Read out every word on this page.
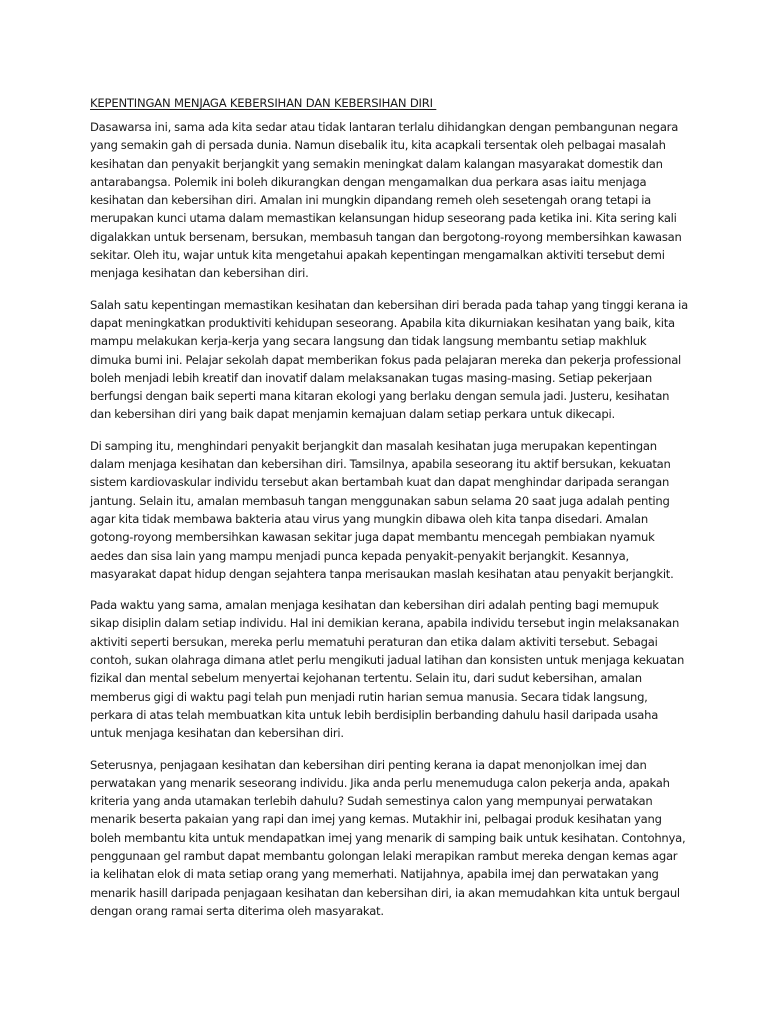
KEPENTINGAN MENJAGA KEBERSIHAN DAN KEBERSIHAN DIRI

Dasawarsa ini, sama ada kita sedar atau tidak lantaran terlalu dihidangkan dengan pembangunan negara yang semakin gah di persada dunia. Namun disebalik itu, kita acapkali tersentak oleh pelbagai masalah kesihatan dan penyakit berjangkit yang semakin meningkat dalam kalangan masyarakat domestik dan antarabangsa. Polemik ini boleh dikurangkan dengan mengamalkan dua perkara asas iaitu menjaga kesihatan dan kebersihan diri. Amalan ini mungkin dipandang remeh oleh sesetengah orang tetapi ia merupakan kunci utama dalam memastikan kelansungan hidup seseorang pada ketika ini. Kita sering kali digalakkan untuk bersenam, bersukan, membasuh tangan dan bergotong-royong membersihkan kawasan sekitar. Oleh itu, wajar untuk kita mengetahui apakah kepentingan mengamalkan aktiviti tersebut demi menjaga kesihatan dan kebersihan diri.

Salah satu kepentingan memastikan kesihatan dan kebersihan diri berada pada tahap yang tinggi kerana ia dapat meningkatkan produktiviti kehidupan seseorang. Apabila kita dikurniakan kesihatan yang baik, kita mampu melakukan kerja-kerja yang secara langsung dan tidak langsung membantu setiap makhluk dimuka bumi ini. Pelajar sekolah dapat memberikan fokus pada pelajaran mereka dan pekerja professional boleh menjadi lebih kreatif dan inovatif dalam melaksanakan tugas masing-masing. Setiap pekerjaan berfungsi dengan baik seperti mana kitaran ekologi yang berlaku dengan semula jadi. Justeru, kesihatan dan kebersihan diri yang baik dapat menjamin kemajuan dalam setiap perkara untuk dikecapi.

Di samping itu, menghindari penyakit berjangkit dan masalah kesihatan juga merupakan kepentingan dalam menjaga kesihatan dan kebersihan diri. Tamsilnya, apabila seseorang itu aktif bersukan, kekuatan sistem kardiovaskular individu tersebut akan bertambah kuat dan dapat menghindar daripada serangan jantung. Selain itu, amalan membasuh tangan menggunakan sabun selama 20 saat juga adalah penting agar kita tidak membawa bakteria atau virus yang mungkin dibawa oleh kita tanpa disedari. Amalan gotong-royong membersihkan kawasan sekitar juga dapat membantu mencegah pembiakan nyamuk aedes dan sisa lain yang mampu menjadi punca kepada penyakit-penyakit berjangkit. Kesannya, masyarakat dapat hidup dengan sejahtera tanpa merisaukan maslah kesihatan atau penyakit berjangkit.

Pada waktu yang sama, amalan menjaga kesihatan dan kebersihan diri adalah penting bagi memupuk sikap disiplin dalam setiap individu. Hal ini demikian kerana, apabila individu tersebut ingin melaksanakan aktiviti seperti bersukan, mereka perlu mematuhi peraturan dan etika dalam aktiviti tersebut. Sebagai contoh, sukan olahraga dimana atlet perlu mengikuti jadual latihan dan konsisten untuk menjaga kekuatan fizikal dan mental sebelum menyertai kejohanan tertentu. Selain itu, dari sudut kebersihan, amalan memberus gigi di waktu pagi telah pun menjadi rutin harian semua manusia. Secara tidak langsung, perkara di atas telah membuatkan kita untuk lebih berdisiplin berbanding dahulu hasil daripada usaha untuk menjaga kesihatan dan kebersihan diri.

Seterusnya, penjagaan kesihatan dan kebersihan diri penting kerana ia dapat menonjolkan imej dan perwatakan yang menarik seseorang individu. Jika anda perlu menemuduga calon pekerja anda, apakah kriteria yang anda utamakan terlebih dahulu? Sudah semestinya calon yang mempunyai perwatakan menarik beserta pakaian yang rapi dan imej yang kemas. Mutakhir ini, pelbagai produk kesihatan yang boleh membantu kita untuk mendapatkan imej yang menarik di samping baik untuk kesihatan. Contohnya, penggunaan gel rambut dapat membantu golongan lelaki merapikan rambut mereka dengan kemas agar ia kelihatan elok di mata setiap orang yang memerhati. Natijahnya, apabila imej dan perwatakan yang menarik hasill daripada penjagaan kesihatan dan kebersihan diri, ia akan memudahkan kita untuk bergaul dengan orang ramai serta diterima oleh masyarakat.
